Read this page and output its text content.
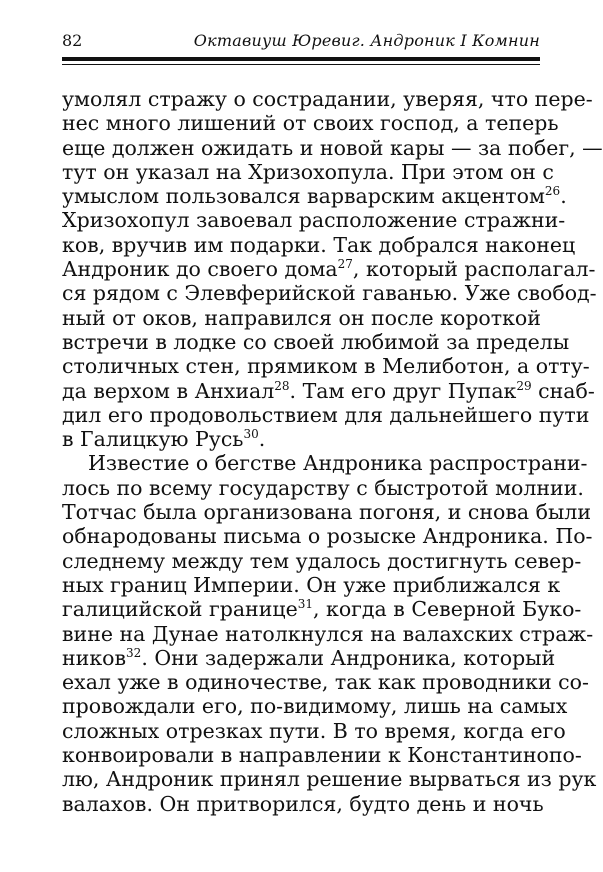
82	Октавиуш Юревиг. Андроник I Комнин

умолял стражу о сострадании, уверяя, что пере-
нес много лишений от своих господ, а теперь
еще должен ожидать и новой кары — за побег, —
тут он указал на Хризохопула. При этом он с
умыслом пользовался варварским акцентом$^{26}$.
Хризохопул завоевал расположение стражни-
ков, вручив им подарки. Так добрался наконец
Андроник до своего дома$^{27}$, который располагал-
ся рядом с Элевферийской гаванью. Уже свобод-
ный от оков, направился он после короткой
встречи в лодке со своей любимой за пределы
столичных стен, прямиком в Мелиботон, а отту-
да верхом в Анхиал$^{28}$. Там его друг Пупак$^{29}$ снаб-
дил его продовольствием для дальнейшего пути
в Галицкую Русь$^{30}$.

Известие о бегстве Андроника распространи-
лось по всему государству с быстротой молнии.
Тотчас была организована погоня, и снова были
обнародованы письма о розыске Андроника. По-
следнему между тем удалось достигнуть север-
ных границ Империи. Он уже приближался к
галицийской границе$^{31}$, когда в Северной Буко-
вине на Дунае натолкнулся на валахских страж-
ников$^{32}$. Они задержали Андроника, который
ехал уже в одиночестве, так как проводники со-
провождали его, по-видимому, лишь на самых
сложных отрезках пути. В то время, когда его
конвоировали в направлении к Константинопо-
лю, Андроник принял решение вырваться из рук
валахов. Он притворился, будто день и ночь
